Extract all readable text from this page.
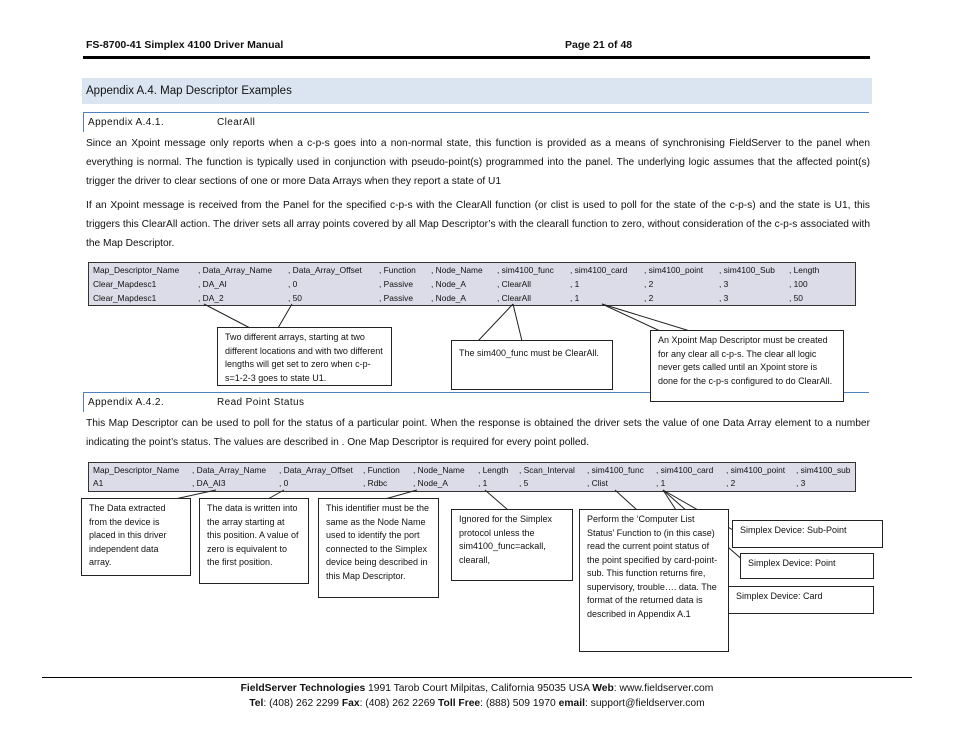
FS-8700-41 Simplex 4100 Driver Manual	Page 21 of 48
Appendix A.4. Map Descriptor Examples
Appendix A.4.1.	ClearAll
Since an Xpoint message only reports when a c-p-s goes into a non-normal state, this function is provided as a means of synchronising FieldServer to the panel when everything is normal. The function is typically used in conjunction with pseudo-point(s) programmed into the panel. The underlying logic assumes that the affected point(s) trigger the driver to clear sections of one or more Data Arrays when they report a state of U1
If an Xpoint message is received from the Panel for the specified c-p-s with the ClearAll function (or clist is used to poll for the state of the c-p-s) and the state is U1, this triggers this ClearAll action. The driver sets all array points covered by all Map Descriptor’s with the clearall function to zero, without consideration of the c-p-s associated with the Map Descriptor.
Map_Descriptor_Name , Data_Array_Name , Data_Array_Offset , Function , Node_Name , sim4100_func , sim4100_card , sim4100_point , sim4100_Sub , Length
Clear_Mapdesc1	, DA_AI	, 0	, Passive , Node_A	, ClearAll	, 1	, 2	, 3	, 100
Clear_Mapdesc1	, DA_2	, 50	, Passive , Node_A	, ClearAll	, 1	, 2	, 3	, 50
Appendix A.4.2.	Read Point Status
This Map Descriptor can be used to poll for the status of a particular point. When the response is obtained the driver sets the value of one Data Array element to a number indicating the point’s status. The values are described in . One Map Descriptor is required for every point polled.
Map_Descriptor_Name , Data_Array_Name , Data_Array_Offset , Function , Node_Name , Length , Scan_Interval , sim4100_func , sim4100_card , sim4100_point , sim4100_sub
A1	, DA_AI3	, 0	, Rdbc	, Node_A	, 1	, 5	, Clist	, 1	, 2	, 3
Two different arrays, starting at two different locations and with two different lengths will get set to zero when c-p-s=1-2-3 goes to state U1.
The sim400_func must be ClearAll.
An Xpoint Map Descriptor must be created for any clear all c-p-s. The clear all logic never gets called until an Xpoint store is done for the c-p-s configured to do ClearAll.
The Data extracted from the device is placed in this driver independent data array.
The data is written into the array starting at this position. A value of zero is equivalent to the first position.
This identifier must be the same as the Node Name used to identify the port connected to the Simplex device being described in this Map Descriptor.
Ignored for the Simplex protocol unless the sim4100_func=ackall, clearall,
Simplex Device: Card
Simplex Device: Point
Simplex Device: Sub-Point
Perform the ‘Computer List Status’ Function to (in this case) read the current point status of the point specified by card-point-sub. This function returns fire, supervisory, trouble…. data. The format of the returned data is described in Appendix A.1
FieldServer Technologies 1991 Tarob Court Milpitas, California 95035 USA Web: www.fieldserver.com
Tel: (408) 262 2299 Fax: (408) 262 2269 Toll Free: (888) 509 1970 email: support@fieldserver.com
